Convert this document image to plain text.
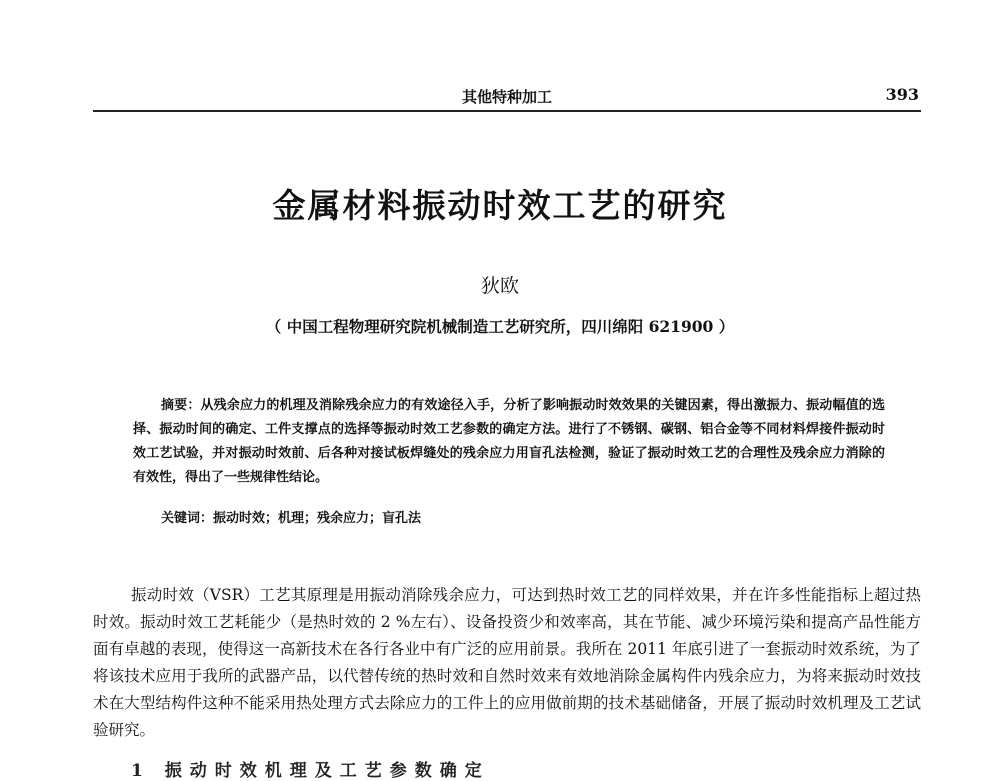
其他特种加工	393
金属材料振动时效工艺的研究
狄欧
（ 中国工程物理研究院机械制造工艺研究所，四川绵阳 621900 ）
摘要：从残余应力的机理及消除残余应力的有效途径入手，分析了影响振动时效效果的关键因素，得出激振力、振动幅值的选择、振动时间的确定、工件支撑点的选择等振动时效工艺参数的确定方法。进行了不锈钢、碳钢、铝合金等不同材料焊接件振动时效工艺试验，并对振动时效前、后各种对接试板焊缝处的残余应力用盲孔法检测，验证了振动时效工艺的合理性及残余应力消除的有效性，得出了一些规律性结论。
关键词：振动时效；机理；残余应力；盲孔法
振动时效（VSR）工艺其原理是用振动消除残余应力，可达到热时效工艺的同样效果，并在许多性能指标上超过热时效。振动时效工艺耗能少（是热时效的 2 %左右）、设备投资少和效率高，其在节能、减少环境污染和提高产品性能方面有卓越的表现，使得这一高新技术在各行各业中有广泛的应用前景。我所在 2011 年底引进了一套振动时效系统，为了将该技术应用于我所的武器产品，以代替传统的热时效和自然时效来有效地消除金属构件内残余应力，为将来振动时效技术在大型结构件这种不能采用热处理方式去除应力的工件上的应用做前期的技术基础储备，开展了振动时效机理及工艺试验研究。
1 振动时效机理及工艺参数确定
